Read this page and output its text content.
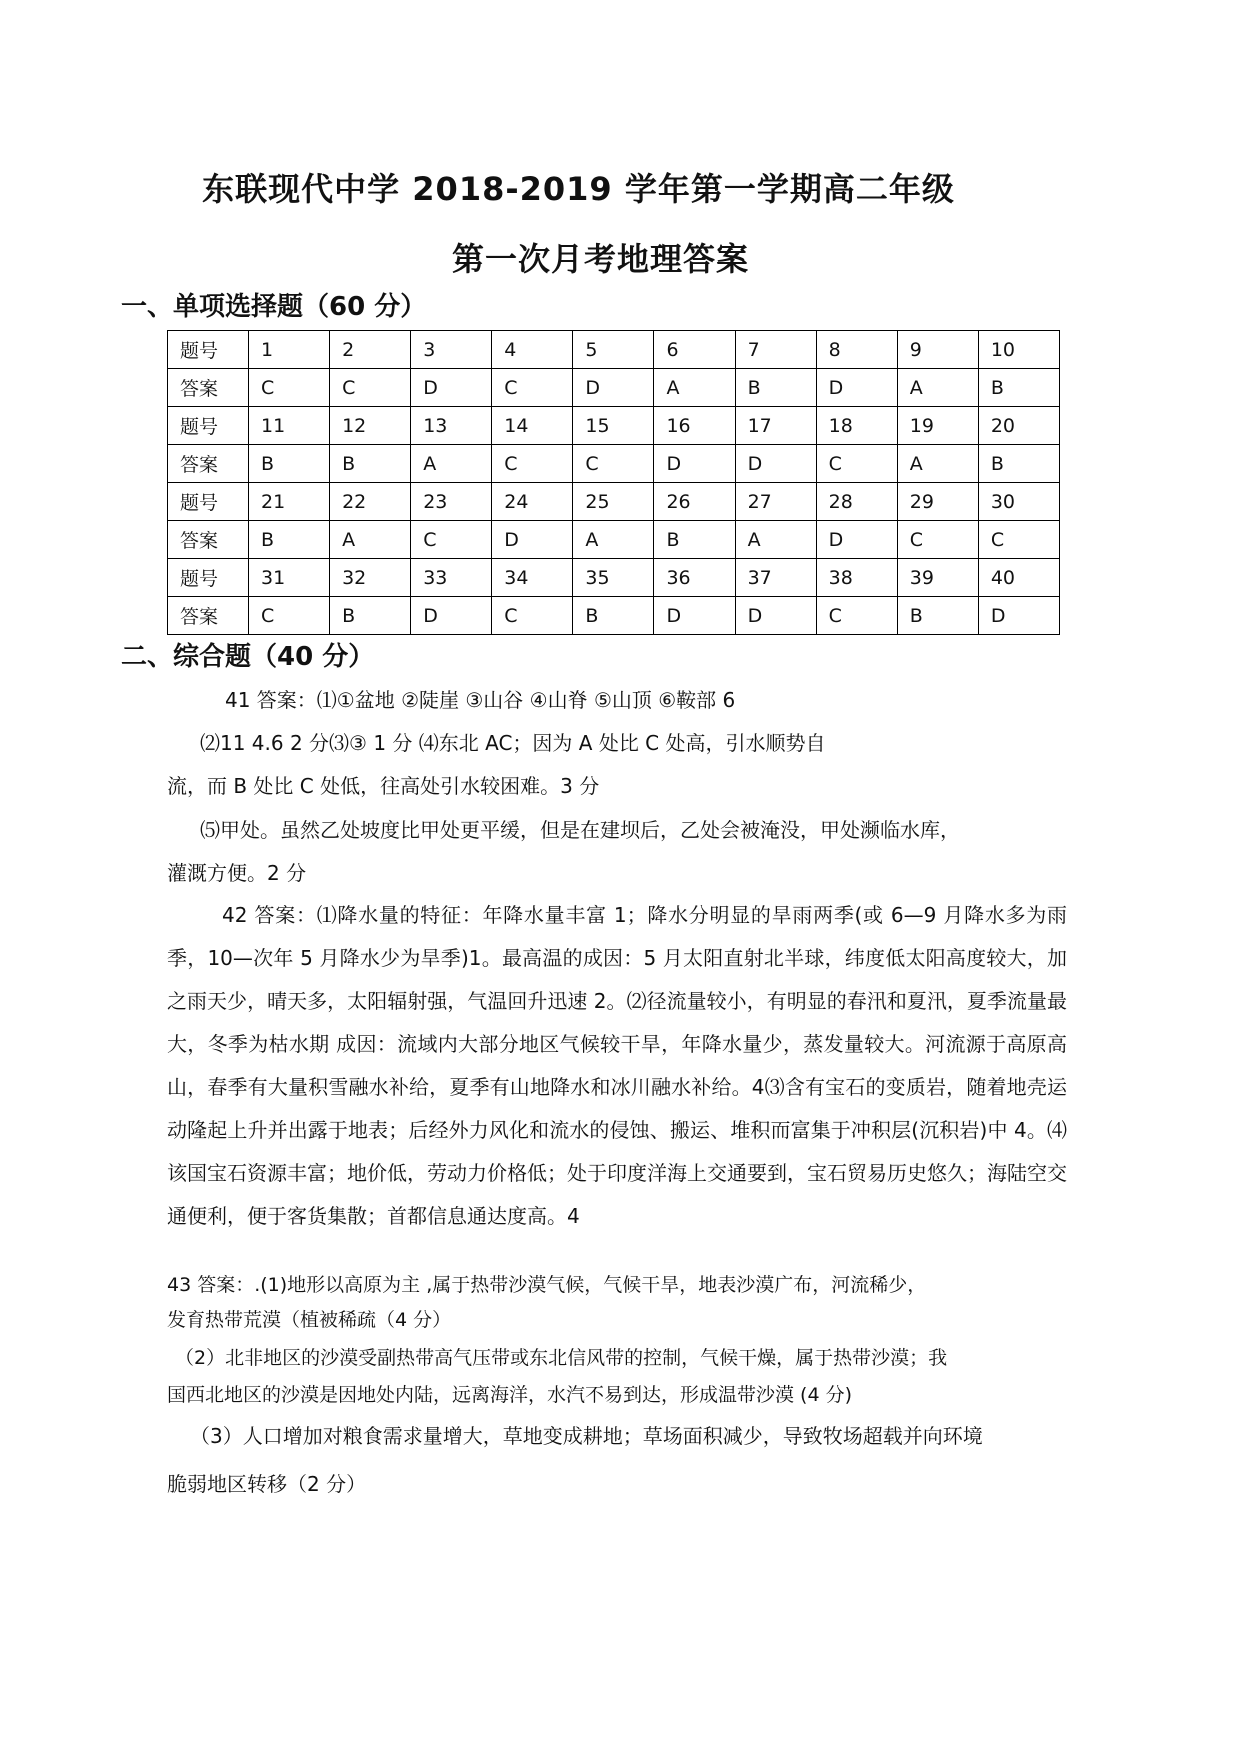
东联现代中学 2018-2019 学年第一学期高二年级
第一次月考地理答案
一、单项选择题（60 分）
题号	1	2	3	4	5	6	7	8	9	10
答案	C	C	D	C	D	A	B	D	A	B
题号	11	12	13	14	15	16	17	18	19	20
答案	B	B	A	C	C	D	D	C	A	B
题号	21	22	23	24	25	26	27	28	29	30
答案	B	A	C	D	A	B	A	D	C	C
题号	31	32	33	34	35	36	37	38	39	40
答案	C	B	D	C	B	D	D	C	B	D
二、综合题（40 分）
41 答案：⑴①盆地 ②陡崖 ③山谷 ④山脊 ⑤山顶 ⑥鞍部 6
⑵11 4.6 2 分⑶③ 1 分 ⑷东北 AC；因为 A 处比 C 处高，引水顺势自
流，而 B 处比 C 处低，往高处引水较困难。3 分
⑸甲处。虽然乙处坡度比甲处更平缓，但是在建坝后，乙处会被淹没，甲处濒临水库，
灌溉方便。2 分
42 答案：⑴降水量的特征：年降水量丰富 1；降水分明显的旱雨两季(或 6—9 月降水多为雨季，10—次年 5 月降水少为旱季)1。最高温的成因：5 月太阳直射北半球，纬度低太阳高度较大，加之雨天少，晴天多，太阳辐射强，气温回升迅速 2。⑵径流量较小，有明显的春汛和夏汛，夏季流量最大，冬季为枯水期 成因：流域内大部分地区气候较干旱，年降水量少，蒸发量较大。河流源于高原高山，春季有大量积雪融水补给，夏季有山地降水和冰川融水补给。4⑶含有宝石的变质岩，随着地壳运动隆起上升并出露于地表；后经外力风化和流水的侵蚀、搬运、堆积而富集于冲积层(沉积岩)中 4。⑷该国宝石资源丰富；地价低，劳动力价格低；处于印度洋海上交通要到，宝石贸易历史悠久；海陆空交通便利，便于客货集散；首都信息通达度高。4
43 答案：.(1)地形以高原为主 ,属于热带沙漠气候，气候干旱，地表沙漠广布，河流稀少，
发育热带荒漠（植被稀疏（4 分）
（2）北非地区的沙漠受副热带高气压带或东北信风带的控制，气候干燥，属于热带沙漠；我
国西北地区的沙漠是因地处内陆，远离海洋，水汽不易到达，形成温带沙漠 (4 分)
（3）人口增加对粮食需求量增大，草地变成耕地；草场面积减少，导致牧场超载并向环境
脆弱地区转移（2 分）
